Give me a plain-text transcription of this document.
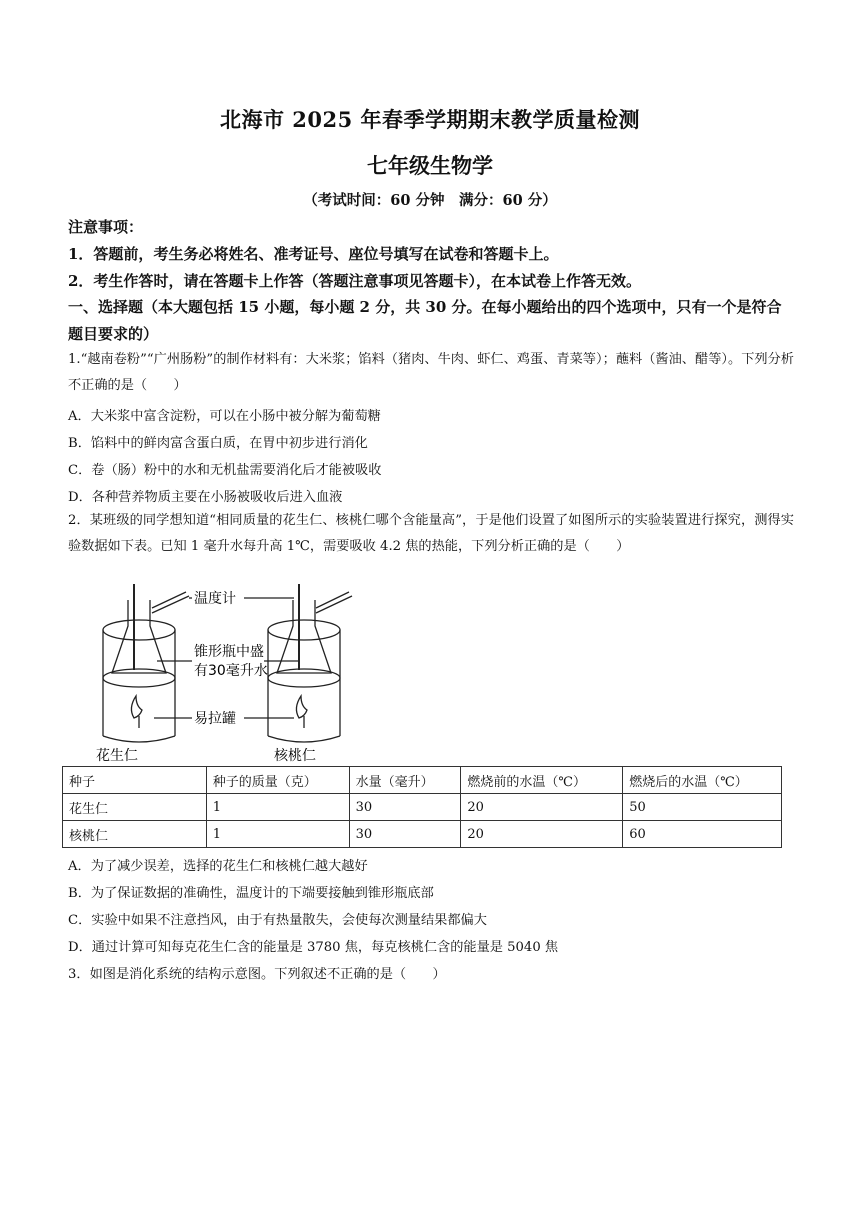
北海市 2025 年春季学期期末教学质量检测
七年级生物学
（考试时间：60 分钟　满分：60 分）
注意事项：
1．答题前，考生务必将姓名、准考证号、座位号填写在试卷和答题卡上。
2．考生作答时，请在答题卡上作答（答题注意事项见答题卡），在本试卷上作答无效。
一、选择题（本大题包括 15 小题，每小题 2 分，共 30 分。在每小题给出的四个选项中，只有一个是符合题目要求的）
1.“越南卷粉”“广州肠粉”的制作材料有：大米浆；馅料（猪肉、牛肉、虾仁、鸡蛋、青菜等）；蘸料（酱油、醋等）。下列分析不正确的是（　　）
A．大米浆中富含淀粉，可以在小肠中被分解为葡萄糖
B．馅料中的鲜肉富含蛋白质，在胃中初步进行消化
C．卷（肠）粉中的水和无机盐需要消化后才能被吸收
D．各种营养物质主要在小肠被吸收后进入血液
2．某班级的同学想知道“相同质量的花生仁、核桃仁哪个含能量高”，于是他们设置了如图所示的实验装置进行探究，测得实验数据如下表。已知 1 毫升水每升高 1℃，需要吸收 4.2 焦的热能，下列分析正确的是（　　）
温度计
锥形瓶中盛
有30毫升水
易拉罐
花生仁	核桃仁
种子	种子的质量（克）	水量（毫升）	燃烧前的水温（℃）	燃烧后的水温（℃）
花生仁	1	30	20	50
核桃仁	1	30	20	60
A．为了减少误差，选择的花生仁和核桃仁越大越好
B．为了保证数据的准确性，温度计的下端要接触到锥形瓶底部
C．实验中如果不注意挡风，由于有热量散失，会使每次测量结果都偏大
D．通过计算可知每克花生仁含的能量是 3780 焦，每克核桃仁含的能量是 5040 焦
3．如图是消化系统的结构示意图。下列叙述不正确的是（　　）
